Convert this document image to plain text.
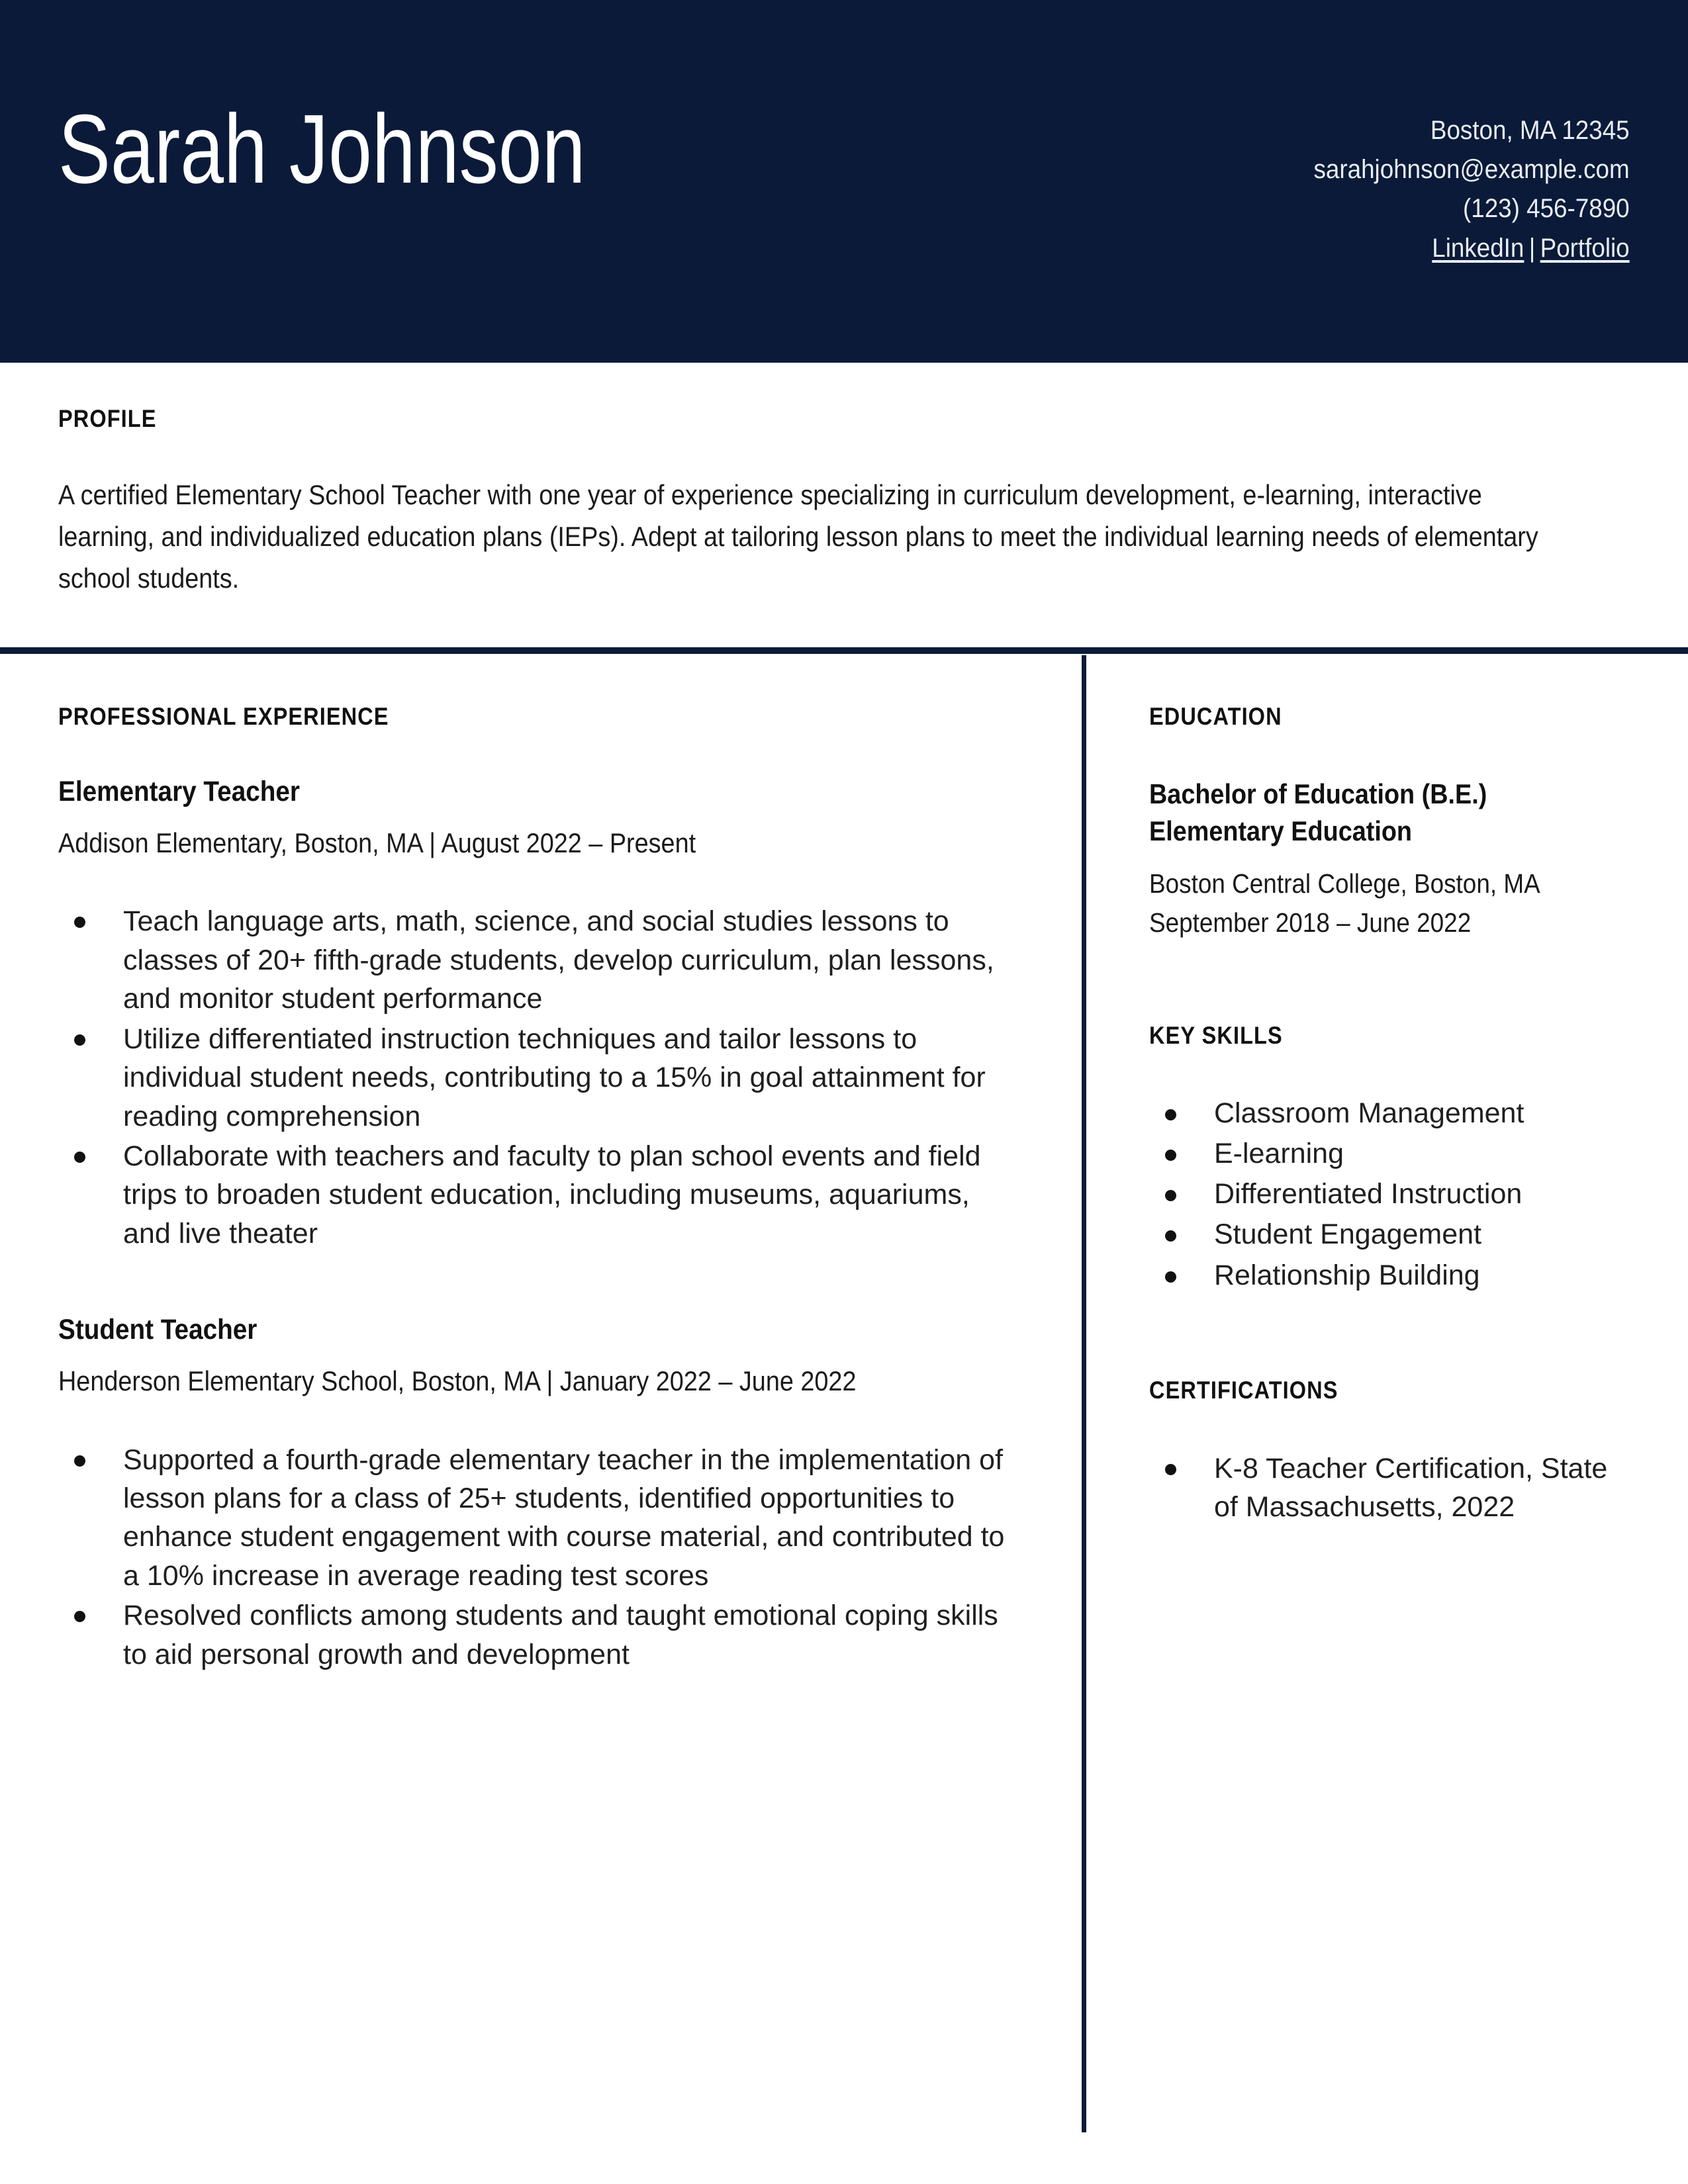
Sarah Johnson	Boston, MA 12345
sarahjohnson@example.com
(123) 456-7890
LinkedIn | Portfolio
PROFILE
A certified Elementary School Teacher with one year of experience specializing in curriculum development, e-learning, interactive learning, and individualized education plans (IEPs). Adept at tailoring lesson plans to meet the individual learning needs of elementary school students.
PROFESSIONAL EXPERIENCE
Elementary Teacher
Addison Elementary, Boston, MA | August 2022 – Present
Teach language arts, math, science, and social studies lessons to classes of 20+ fifth-grade students, develop curriculum, plan lessons, and monitor student performance
Utilize differentiated instruction techniques and tailor lessons to individual student needs, contributing to a 15% in goal attainment for reading comprehension
Collaborate with teachers and faculty to plan school events and field trips to broaden student education, including museums, aquariums, and live theater
Student Teacher
Henderson Elementary School, Boston, MA | January 2022 – June 2022
Supported a fourth-grade elementary teacher in the implementation of lesson plans for a class of 25+ students, identified opportunities to enhance student engagement with course material, and contributed to a 10% increase in average reading test scores
Resolved conflicts among students and taught emotional coping skills to aid personal growth and development
EDUCATION
Bachelor of Education (B.E.)
Elementary Education
Boston Central College, Boston, MA
September 2018 – June 2022
KEY SKILLS
Classroom Management
E-learning
Differentiated Instruction
Student Engagement
Relationship Building
CERTIFICATIONS
K-8 Teacher Certification, State of Massachusetts, 2022
